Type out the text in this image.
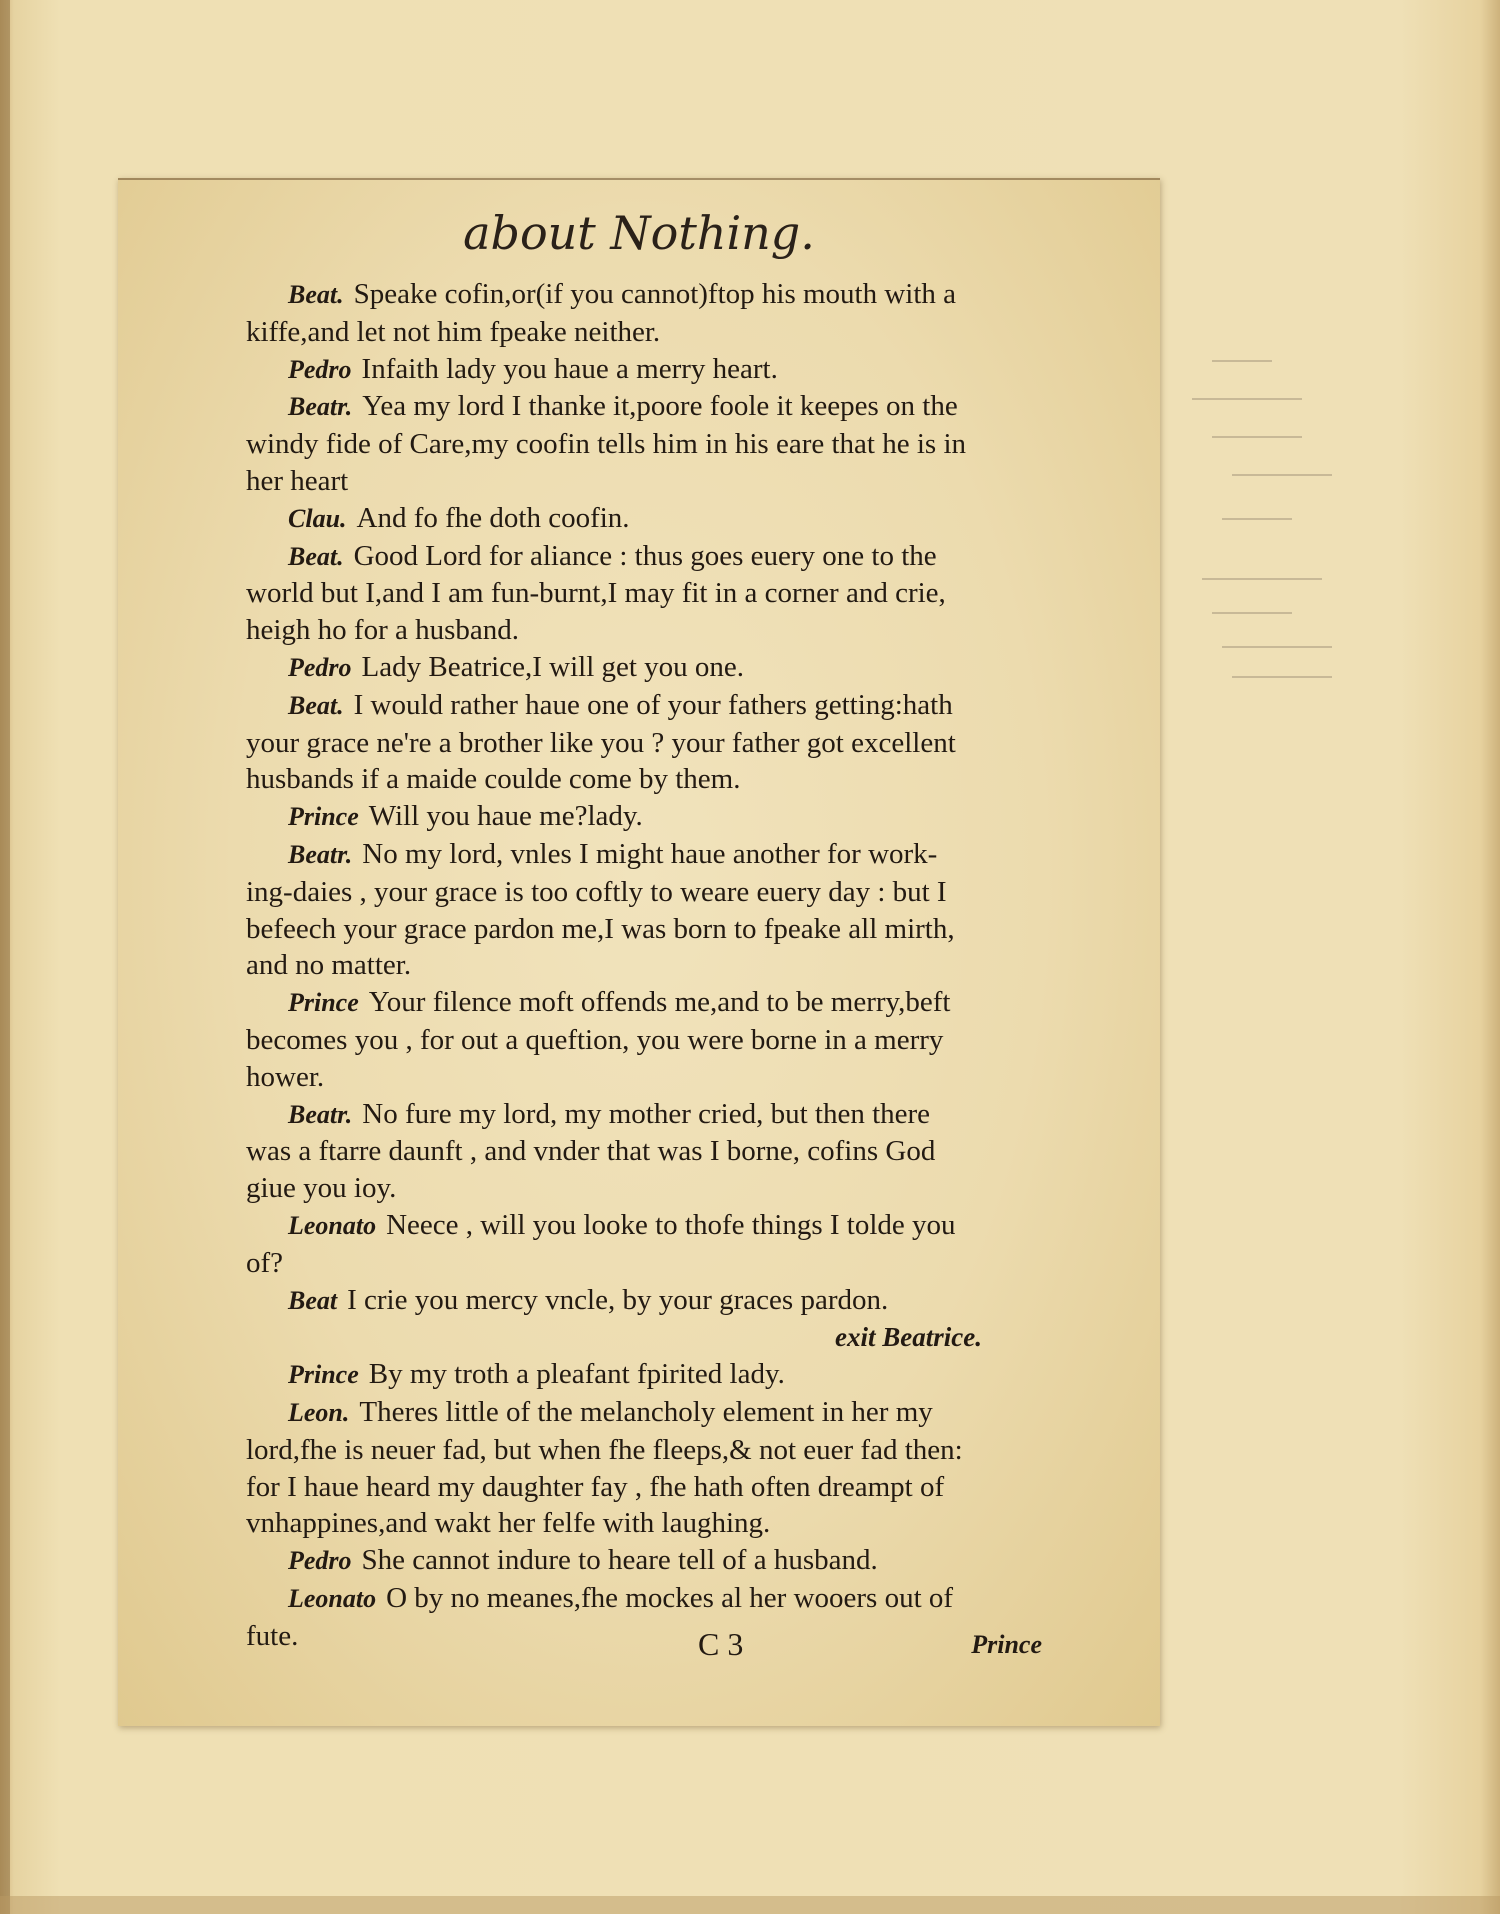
about Nothing.
Beat. Speake cofin,or(if you cannot)ftop his mouth with a
kiffe,and let not him fpeake neither.
Pedro Infaith lady you haue a merry heart.
Beatr. Yea my lord I thanke it,poore foole it keepes on the
windy fide of Care,my coofin tells him in his eare that he is in
her heart
Clau. And fo fhe doth coofin.
Beat. Good Lord for aliance : thus goes euery one to the
world but I,and I am fun-burnt,I may fit in a corner and crie,
heigh ho for a husband.
Pedro Lady Beatrice,I will get you one.
Beat. I would rather haue one of your fathers getting:hath
your grace ne're a brother like you ? your father got excellent
husbands if a maide coulde come by them.
Prince Will you haue me?lady.
Beatr. No my lord, vnles I might haue another for work-
ing-daies , your grace is too coftly to weare euery day : but I
befeech your grace pardon me,I was born to fpeake all mirth,
and no matter.
Prince Your filence moft offends me,and to be merry,beft
becomes you , for out a queftion, you were borne in a merry
hower.
Beatr. No fure my lord, my mother cried, but then there
was a ftarre daunft , and vnder that was I borne, cofins God
giue you ioy.
Leonato Neece , will you looke to thofe things I tolde you
of?
Beat I crie you mercy vncle, by your graces pardon.
exit Beatrice.
Prince By my troth a pleafant fpirited lady.
Leon. Theres little of the melancholy element in her my
lord,fhe is neuer fad, but when fhe fleeps,& not euer fad then:
for I haue heard my daughter fay , fhe hath often dreampt of
vnhappines,and wakt her felfe with laughing.
Pedro She cannot indure to heare tell of a husband.
Leonato O by no meanes,fhe mockes al her wooers out of
fute.	C 3	Prince
